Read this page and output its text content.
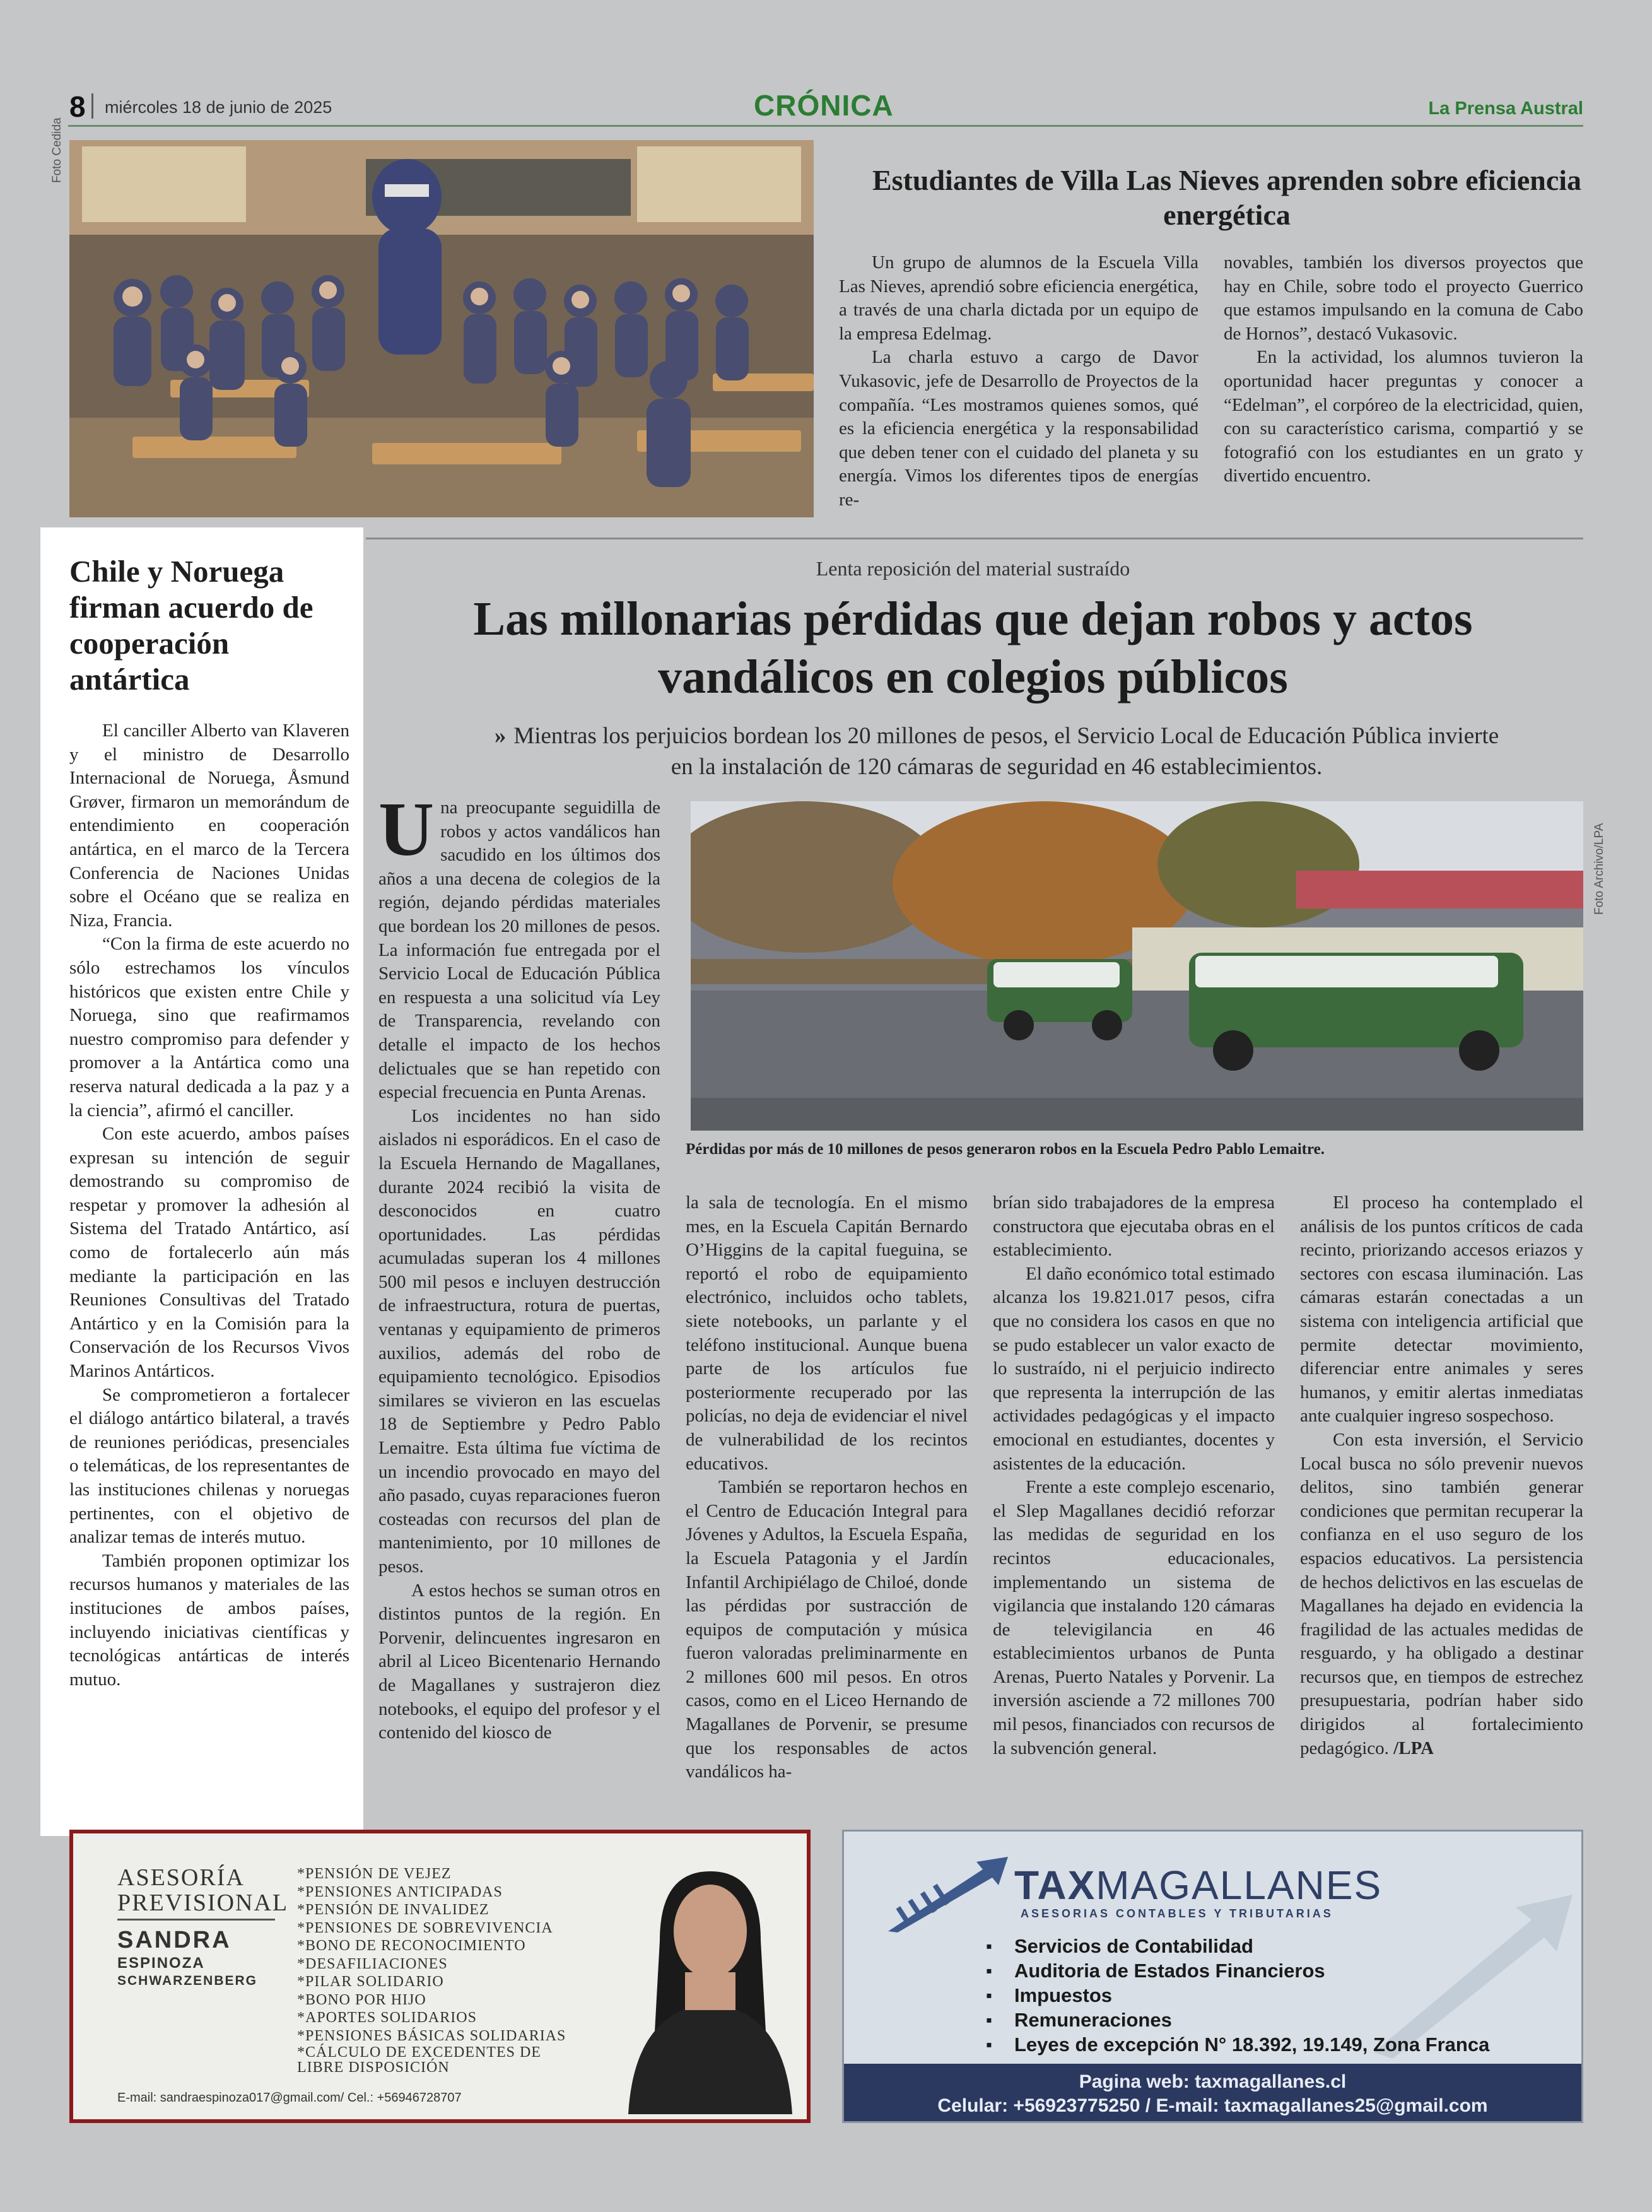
8 miércoles 18 de junio de 2025	CRÓNICA	La Prensa Austral
Foto Cedida	Estudiantes de Villa Las Nieves aprenden sobre eficiencia energética

Un grupo de alumnos de la Escuela Villa Las Nieves, aprendió sobre eficiencia energética, a través de una charla dictada por un equipo de la empresa Edelmag.

La charla estuvo a cargo de Davor Vukasovic, jefe de Desarrollo de Proyectos de la compañía. “Les mostramos quienes somos, qué es la eficiencia energética y la responsabilidad que deben tener con el cuidado del planeta y su energía. Vimos los diferentes tipos de energías re-

novables, también los diversos proyectos que hay en Chile, sobre todo el proyecto Guerrico que estamos impulsando en la comuna de Cabo de Hornos”, destacó Vukasovic.

En la actividad, los alumnos tuvieron la oportunidad hacer preguntas y conocer a “Edelman”, el corpóreo de la electricidad, quien, con su característico carisma, compartió y se fotografió con los estudiantes en un grato y divertido encuentro.

Chile y Noruega firman acuerdo de cooperación antártica

El canciller Alberto van Klaveren y el ministro de Desarrollo Internacional de Noruega, Åsmund Grøver, firmaron un memorándum de entendimiento en cooperación antártica, en el marco de la Tercera Conferencia de Naciones Unidas sobre el Océano que se realiza en Niza, Francia.

“Con la firma de este acuerdo no sólo estrechamos los vínculos históricos que existen entre Chile y Noruega, sino que reafirmamos nuestro compromiso para defender y promover a la Antártica como una reserva natural dedicada a la paz y a la ciencia”, afirmó el canciller.

Con este acuerdo, ambos países expresan su intención de seguir demostrando su compromiso de respetar y promover la adhesión al Sistema del Tratado Antártico, así como de fortalecerlo aún más mediante la participación en las Reuniones Consultivas del Tratado Antártico y en la Comisión para la Conservación de los Recursos Vivos Marinos Antárticos.

Se comprometieron a fortalecer el diálogo antártico bilateral, a través de reuniones periódicas, presenciales o telemáticas, de los representantes de las instituciones chilenas y noruegas pertinentes, con el objetivo de analizar temas de interés mutuo.

También proponen optimizar los recursos humanos y materiales de las instituciones de ambos países, incluyendo iniciativas científicas y tecnológicas antárticas de interés mutuo.

Lenta reposición del material sustraído
Las millonarias pérdidas que dejan robos y actos vandálicos en colegios públicos
» Mientras los perjuicios bordean los 20 millones de pesos, el Servicio Local de Educación Pública invierte en la instalación de 120 cámaras de seguridad en 46 establecimientos.
Foto Archivo/LPA
Pérdidas por más de 10 millones de pesos generaron robos en la Escuela Pedro Pablo Lemaitre.
Una preocupante seguidilla de robos y actos vandálicos han sacudido en los últimos dos años a una decena de colegios de la región, dejando pérdidas materiales que bordean los 20 millones de pesos. La información fue entregada por el Servicio Local de Educación Pública en respuesta a una solicitud vía Ley de Transparencia, revelando con detalle el impacto de los hechos delictuales que se han repetido con especial frecuencia en Punta Arenas.

Los incidentes no han sido aislados ni esporádicos. En el caso de la Escuela Hernando de Magallanes, durante 2024 recibió la visita de desconocidos en cuatro oportunidades. Las pérdidas acumuladas superan los 4 millones 500 mil pesos e incluyen destrucción de infraestructura, rotura de puertas, ventanas y equipamiento de primeros auxilios, además del robo de equipamiento tecnológico. Episodios similares se vivieron en las escuelas 18 de Septiembre y Pedro Pablo Lemaitre. Esta última fue víctima de un incendio provocado en mayo del año pasado, cuyas reparaciones fueron costeadas con recursos del plan de mantenimiento, por 10 millones de pesos.

A estos hechos se suman otros en distintos puntos de la región. En Porvenir, delincuentes ingresaron en abril al Liceo Bicentenario Hernando de Magallanes y sustrajeron diez notebooks, el equipo del profesor y el contenido del kiosco de

la sala de tecnología. En el mismo mes, en la Escuela Capitán Bernardo O’Higgins de la capital fueguina, se reportó el robo de equipamiento electrónico, incluidos ocho tablets, siete notebooks, un parlante y el teléfono institucional. Aunque buena parte de los artículos fue posteriormente recuperado por las policías, no deja de evidenciar el nivel de vulnerabilidad de los recintos educativos.

También se reportaron hechos en el Centro de Educación Integral para Jóvenes y Adultos, la Escuela España, la Escuela Patagonia y el Jardín Infantil Archipiélago de Chiloé, donde las pérdidas por sustracción de equipos de computación y música fueron valoradas preliminarmente en 2 millones 600 mil pesos. En otros casos, como en el Liceo Hernando de Magallanes de Porvenir, se presume que los responsables de actos vandálicos ha-

brían sido trabajadores de la empresa constructora que ejecutaba obras en el establecimiento.

El daño económico total estimado alcanza los 19.821.017 pesos, cifra que no considera los casos en que no se pudo establecer un valor exacto de lo sustraído, ni el perjuicio indirecto que representa la interrupción de las actividades pedagógicas y el impacto emocional en estudiantes, docentes y asistentes de la educación.

Frente a este complejo escenario, el Slep Magallanes decidió reforzar las medidas de seguridad en los recintos educacionales, implementando un sistema de vigilancia que instalando 120 cámaras de televigilancia en 46 establecimientos urbanos de Punta Arenas, Puerto Natales y Porvenir. La inversión asciende a 72 millones 700 mil pesos, financiados con recursos de la subvención general.

El proceso ha contemplado el análisis de los puntos críticos de cada recinto, priorizando accesos eriazos y sectores con escasa iluminación. Las cámaras estarán conectadas a un sistema con inteligencia artificial que permite detectar movimiento, diferenciar entre animales y seres humanos, y emitir alertas inmediatas ante cualquier ingreso sospechoso.

Con esta inversión, el Servicio Local busca no sólo prevenir nuevos delitos, sino también generar condiciones que permitan recuperar la confianza en el uso seguro de los espacios educativos. La persistencia de hechos delictivos en las escuelas de Magallanes ha dejado en evidencia la fragilidad de las actuales medidas de resguardo, y ha obligado a destinar recursos que, en tiempos de estrechez presupuestaria, podrían haber sido dirigidos al fortalecimiento pedagógico. /LPA

ASESORÍA
PREVISIONAL
SANDRA
ESPINOZA
SCHWARZENBERG
*PENSIÓN DE VEJEZ
*PENSIONES ANTICIPADAS
*PENSIÓN DE INVALIDEZ
*PENSIONES DE SOBREVIVENCIA
*BONO DE RECONOCIMIENTO
*DESAFILIACIONES
*PILAR SOLIDARIO
*BONO POR HIJO
*APORTES SOLIDARIOS
*PENSIONES BÁSICAS SOLIDARIAS
*CÁLCULO DE EXCEDENTES DE LIBRE DISPOSICIÓN
E-mail: sandraespinoza017@gmail.com/ Cel.: +56946728707
TAXMAGALLANES
ASESORIAS CONTABLES Y TRIBUTARIAS
▪	Servicios de Contabilidad
▪	Auditoria de Estados Financieros
▪	Impuestos
▪	Remuneraciones
▪	Leyes de excepción N° 18.392, 19.149, Zona Franca
Pagina web: taxmagallanes.cl
Celular: +56923775250 / E-mail: taxmagallanes25@gmail.com
